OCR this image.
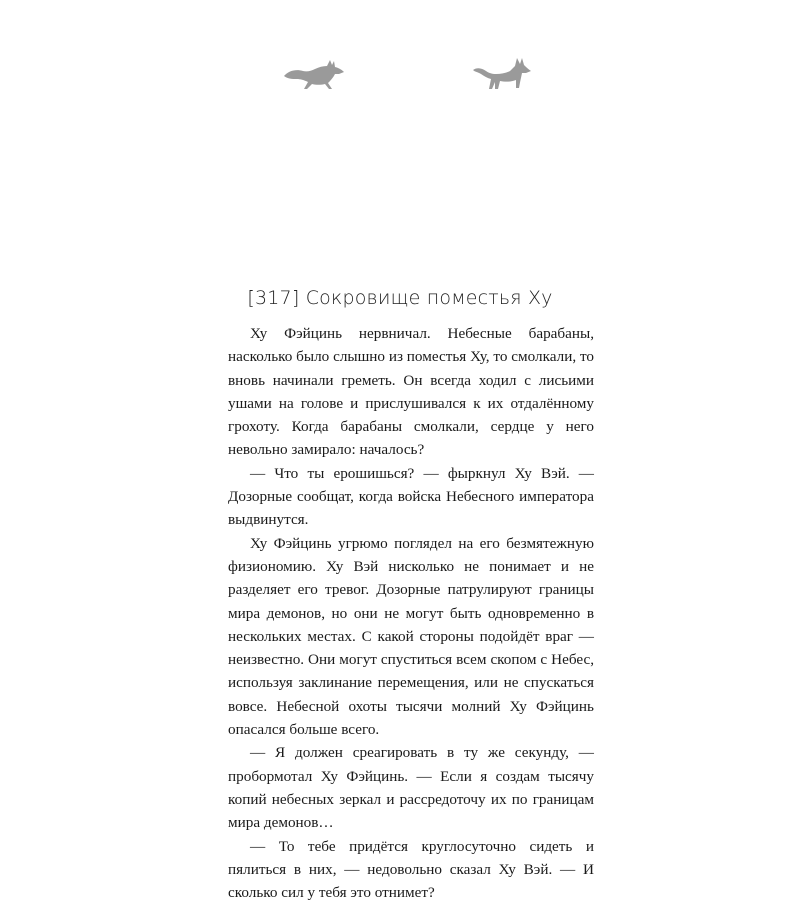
[317] Сокровище поместья Ху

Ху Фэйцинь нервничал. Небесные барабаны, насколько было слышно из поместья Ху, то смолкали, то вновь начинали греметь. Он всегда ходил с лисьими ушами на голове и прислушивался к их отдалённому грохоту. Когда барабаны смолкали, сердце у него невольно замирало: началось?

— Что ты ерошишься? — фыркнул Ху Вэй. — Дозорные сообщат, когда войска Небесного императора выдвинутся.

Ху Фэйцинь угрюмо поглядел на его безмятежную физиономию. Ху Вэй нисколько не понимает и не разделяет его тревог. Дозорные патрулируют границы мира демонов, но они не могут быть одновременно в нескольких местах. С какой стороны подойдёт враг — неизвестно. Они могут спуститься всем скопом с Небес, используя заклинание перемещения, или не спускаться вовсе. Небесной охоты тысячи молний Ху Фэйцинь опасался больше всего.

— Я должен среагировать в ту же секунду, — пробормотал Ху Фэйцинь. — Если я создам тысячу копий небесных зеркал и рассредоточу их по границам мира демонов…

— То тебе придётся круглосуточно сидеть и пялиться в них, — недовольно сказал Ху Вэй. — И сколько сил у тебя это отнимет?
